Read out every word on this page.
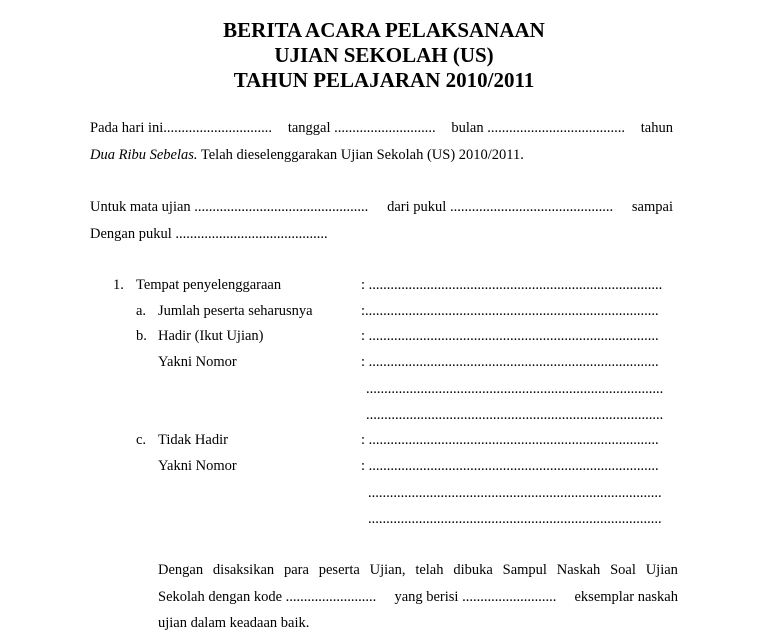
BERITA ACARA PELAKSANAAN
UJIAN SEKOLAH (US)
TAHUN PELAJARAN 2010/2011
Pada hari ini.............................. tanggal ............................ bulan ...................................... tahun
Dua Ribu Sebelas. Telah dieselenggarakan Ujian Sekolah (US) 2010/2011.
Untuk mata ujian ................................................ dari pukul ............................................. sampai
Dengan pukul ..........................................
1. Tempat penyelenggaraan	: .................................................................................
a. Jumlah peserta seharusnya	:.................................................................................
b. Hadir (Ikut Ujian)	: ................................................................................
Yakni Nomor	: ................................................................................
..................................................................................
..................................................................................
c. Tidak Hadir	: ................................................................................
Yakni Nomor	: ................................................................................
.................................................................................
.................................................................................
Dengan disaksikan para peserta Ujian, telah dibuka Sampul Naskah Soal Ujian
Sekolah dengan kode ......................... yang berisi .......................... eksemplar naskah
ujian dalam keadaan baik.
